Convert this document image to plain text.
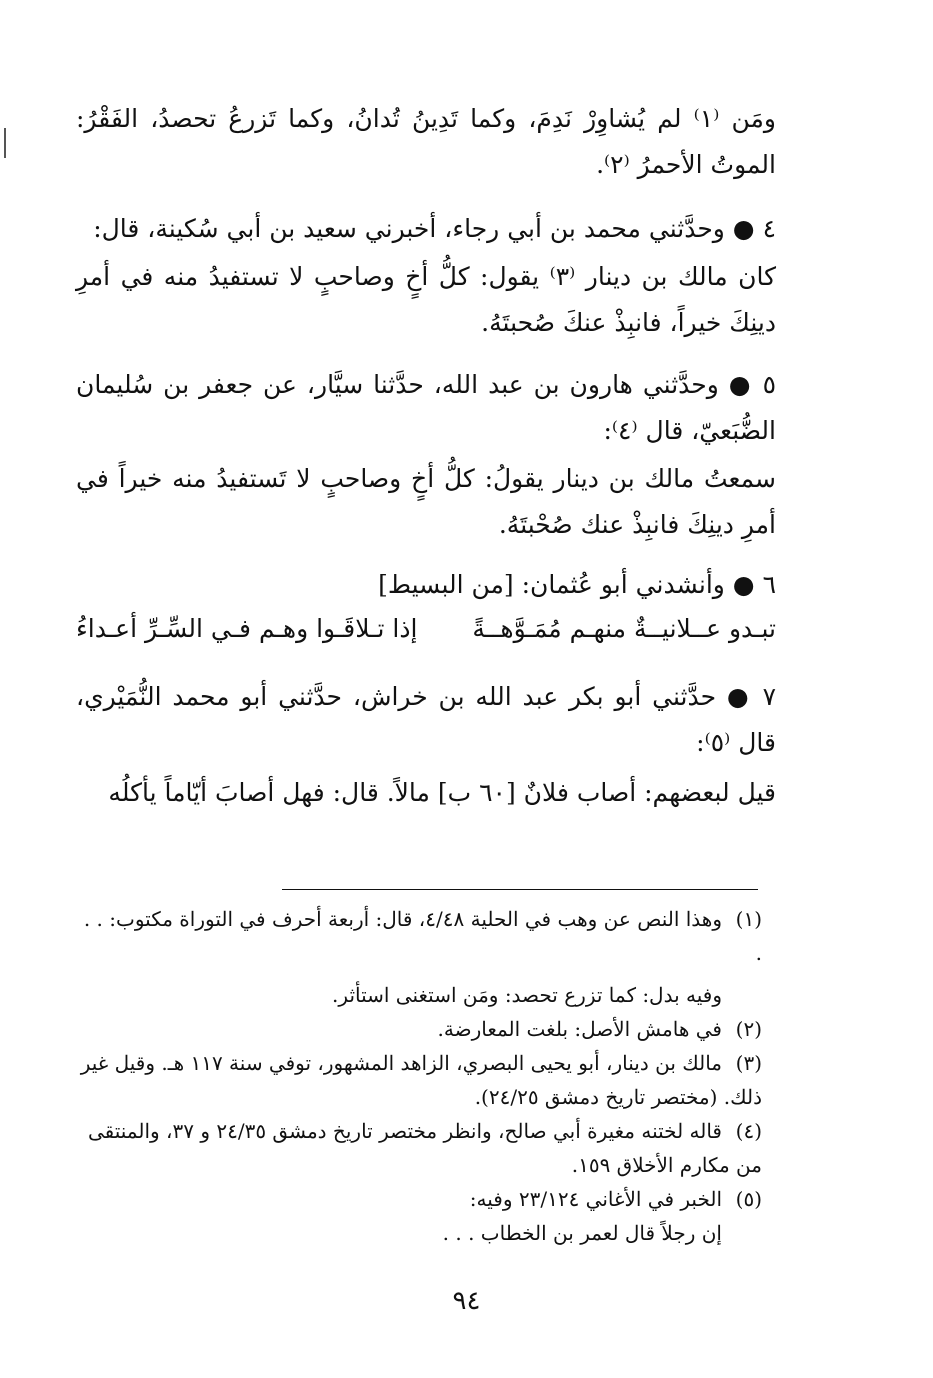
ومَن ⁽١⁾ لم يُشاوِرْ نَدِمَ، وكما تَدِينُ تُدانُ، وكما تَزرعُ تحصدُ، الفَقْرُ: الموتُ الأحمرُ ⁽٢⁾.
٤ ● وحدَّثني محمد بن أبي رجاء، أخبرني سعيد بن أبي سُكينة، قال:
كان مالك بن دينار ⁽٣⁾ يقول: كلُّ أخٍ وصاحبٍ لا تستفيدُ منه في أمرِ دينِكَ خيراً، فانبِذْ عنكَ صُحبتَهُ.
٥ ● وحدَّثني هارون بن عبد الله، حدَّثنا سيَّار، عن جعفر بن سُليمان الضُّبَعيّ، قال ⁽٤⁾:
سمعتُ مالك بن دينار يقولُ: كلُّ أخٍ وصاحبٍ لا تَستفيدُ منه خيراً في أمرِ دينِكَ فانبِذْ عنك صُحْبتَهُ.
٦ ● وأنشدني أبو عُثمان: [من البسيط]
تبـدو عــلانيــةٌ منهـم مُمَـوَّهــةً
إذا تـلاقَـوا وهـم فـي السِّـرِّ أعـداءُ
٧ ● حدَّثني أبو بكر عبد الله بن خراش، حدَّثني أبو محمد النُّمَيْري، قال ⁽٥⁾:
قيل لبعضهم: أصاب فلانٌ [٦٠ ب] مالاً. قال: فهل أصابَ أيّاماً يأكلُه
(١)وهذا النص عن وهب في الحلية ٤/٤٨، قال: أربعة أحرف في التوراة مكتوب: . . .
وفيه بدل: كما تزرع تحصد: ومَن استغنى استأثر.
(٢)في هامش الأصل: بلغت المعارضة.
(٣)مالك بن دينار، أبو يحيى البصري، الزاهد المشهور، توفي سنة ١١٧ هـ. وقيل غير ذلك. (مختصر تاريخ دمشق ٢٤/٢٥).
(٤)قاله لختنه مغيرة أبي صالح، وانظر مختصر تاريخ دمشق ٢٤/٣٥ و ٣٧، والمنتقى من مكارم الأخلاق ١٥٩.
(٥)الخبر في الأغاني ٢٣/١٢٤ وفيه:
إن رجلاً قال لعمر بن الخطاب . . .
٩٤
